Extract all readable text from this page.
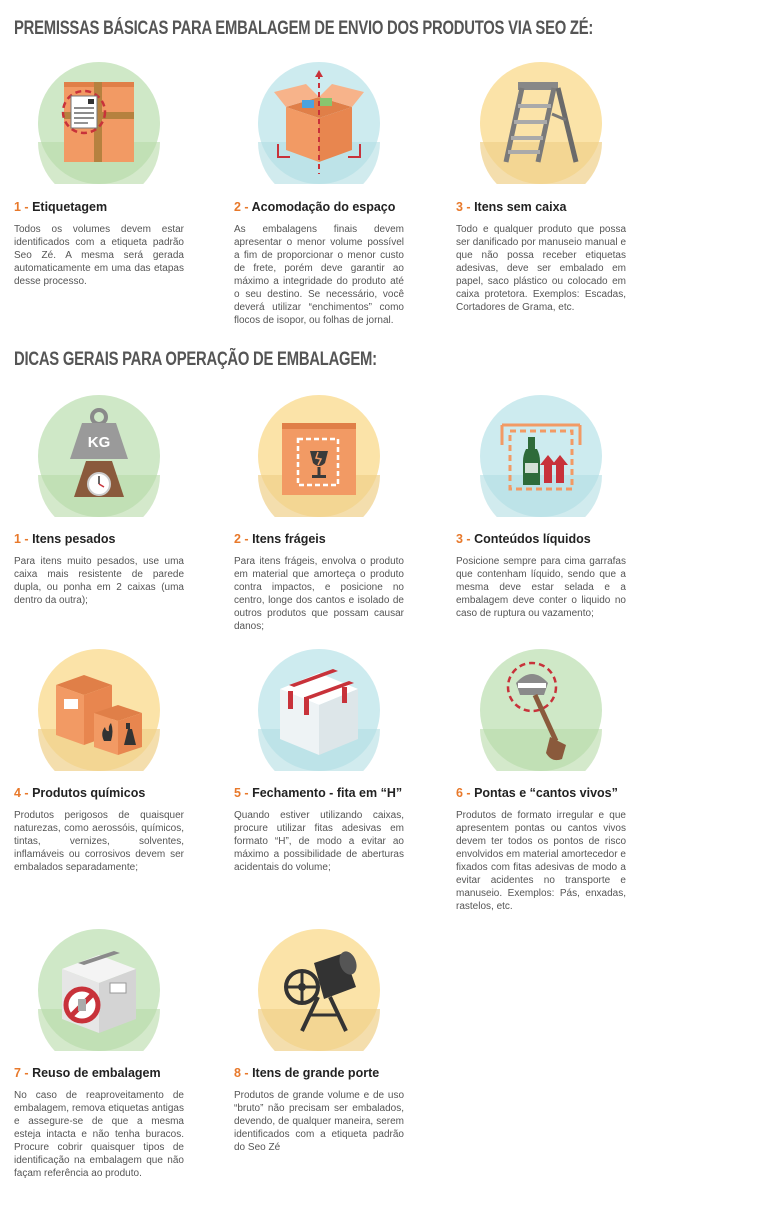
PREMISSAS BÁSICAS PARA EMBALAGEM DE ENVIO DOS PRODUTOS VIA SEO ZÉ:
1 - Etiquetagem
Todos os volumes devem estar identificados com a etiqueta padrão Seo Zé. A mesma será gerada automaticamente em uma das etapas desse processo.
2 - Acomodação do espaço
As embalagens finais devem apresentar o menor volume possível a fim de proporcionar o menor custo de frete, porém deve garantir ao máximo a integridade do produto até o seu destino. Se necessário, você deverá utilizar “enchimentos” como flocos de isopor, ou folhas de jornal.
3 - Itens sem caixa
Todo e qualquer produto que possa ser danificado por manuseio manual e que não possa receber etiquetas adesivas, deve ser embalado em papel, saco plástico ou colocado em caixa protetora. Exemplos: Escadas, Cortadores de Grama, etc.
DICAS GERAIS PARA OPERAÇÃO DE EMBALAGEM:
KG
1 - Itens pesados
Para itens muito pesados, use uma caixa mais resistente de parede dupla, ou ponha em 2 caixas (uma dentro da outra);
2 - Itens frágeis
Para itens frágeis, envolva o produto em material que amorteça o produto contra impactos, e posicione no centro, longe dos cantos e isolado de outros produtos que possam causar danos;
3 - Conteúdos líquidos
Posicione sempre para cima garrafas que contenham líquido, sendo que a mesma deve estar selada e a embalagem deve conter o liquido no caso de ruptura ou vazamento;
4 - Produtos químicos
Produtos perigosos de quaisquer naturezas, como aerossóis, químicos, tintas, vernizes, solventes, inflamáveis ou corrosivos devem ser embalados separadamente;
5 - Fechamento - fita em “H”
Quando estiver utilizando caixas, procure utilizar fitas adesivas em formato “H”, de modo a evitar ao máximo a possibilidade de aberturas acidentais do volume;
6 - Pontas e “cantos vivos”
Produtos de formato irregular e que apresentem pontas ou cantos vivos devem ter todos os pontos de risco envolvidos em material amortecedor e fixados com fitas adesivas de modo a evitar acidentes no transporte e manuseio. Exemplos: Pás, enxadas, rastelos, etc.
7 - Reuso de embalagem
No caso de reaproveitamento de embalagem, remova etiquetas antigas e assegure-se de que a mesma esteja intacta e não tenha buracos. Procure cobrir quaisquer tipos de identificação na embalagem que não façam referência ao produto.
8 - Itens de grande porte
Produtos de grande volume e de uso “bruto” não precisam ser embalados, devendo, de qualquer maneira, serem identificados com a etiqueta padrão do Seo Zé
